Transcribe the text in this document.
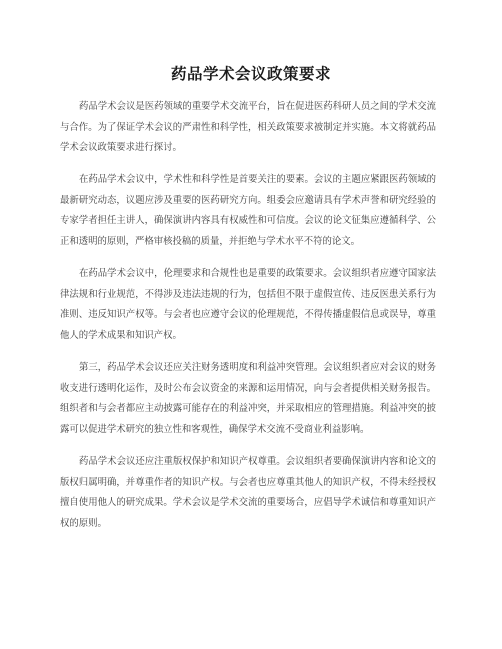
药品学术会议政策要求

药品学术会议是医药领域的重要学术交流平台，旨在促进医药科研人员之间的学术交流与合作。为了保证学术会议的严肃性和科学性，相关政策要求被制定并实施。本文将就药品学术会议政策要求进行探讨。

在药品学术会议中，学术性和科学性是首要关注的要素。会议的主题应紧跟医药领域的最新研究动态，议题应涉及重要的医药研究方向。组委会应邀请具有学术声誉和研究经验的专家学者担任主讲人，确保演讲内容具有权威性和可信度。会议的论文征集应遵循科学、公正和透明的原则，严格审核投稿的质量，并拒绝与学术水平不符的论文。

在药品学术会议中，伦理要求和合规性也是重要的政策要求。会议组织者应遵守国家法律法规和行业规范，不得涉及违法违规的行为，包括但不限于虚假宣传、违反医患关系行为准则、违反知识产权等。与会者也应遵守会议的伦理规范，不得传播虚假信息或误导，尊重他人的学术成果和知识产权。

第三，药品学术会议还应关注财务透明度和利益冲突管理。会议组织者应对会议的财务收支进行透明化运作，及时公布会议资金的来源和运用情况，向与会者提供相关财务报告。组织者和与会者都应主动披露可能存在的利益冲突，并采取相应的管理措施。利益冲突的披露可以促进学术研究的独立性和客观性，确保学术交流不受商业利益影响。

药品学术会议还应注重版权保护和知识产权尊重。会议组织者要确保演讲内容和论文的版权归属明确，并尊重作者的知识产权。与会者也应尊重其他人的知识产权，不得未经授权擅自使用他人的研究成果。学术会议是学术交流的重要场合，应倡导学术诚信和尊重知识产权的原则。
